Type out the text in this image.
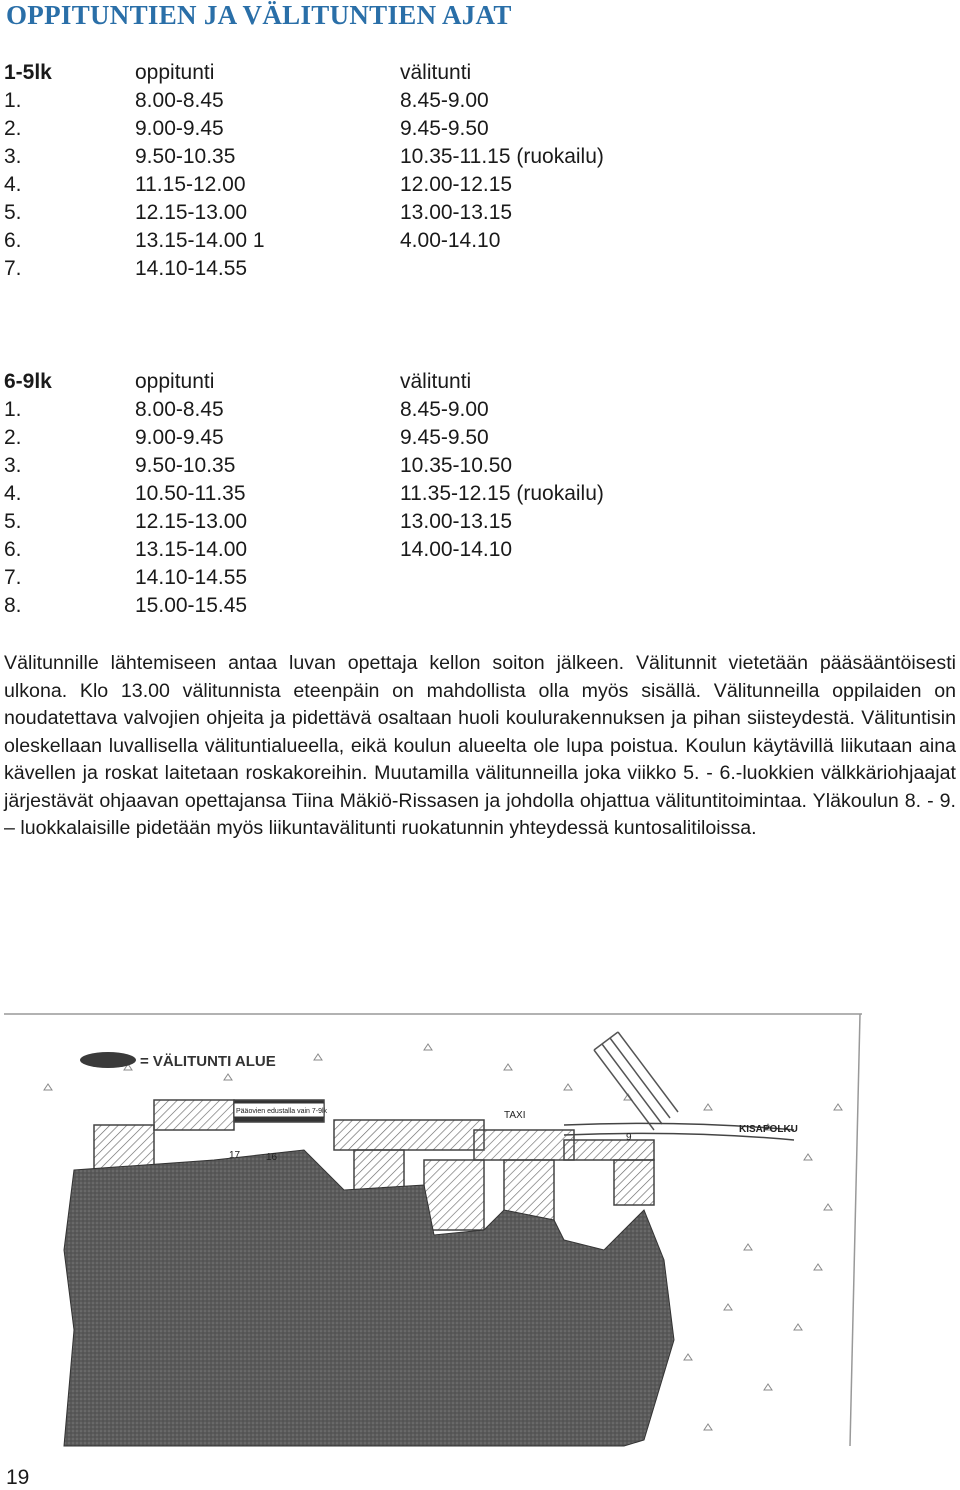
OPPITUNTIEN JA VÄLITUNTIEN AJAT
1-5lk	oppitunti	välitunti
1.	8.00-8.45	8.45-9.00
2.	9.00-9.45	9.45-9.50
3.	9.50-10.35	10.35-11.15 (ruokailu)
4.	11.15-12.00	12.00-12.15
5.	12.15-13.00	13.00-13.15
6.	13.15-14.00 1	4.00-14.10
7.	14.10-14.55
6-9lk	oppitunti	välitunti
1.	8.00-8.45	8.45-9.00
2.	9.00-9.45	9.45-9.50
3.	9.50-10.35	10.35-10.50
4.	10.50-11.35	11.35-12.15 (ruokailu)
5.	12.15-13.00	13.00-13.15
6.	13.15-14.00	14.00-14.10
7.	14.10-14.55
8.	15.00-15.45

Välitunnille lähtemiseen antaa luvan opettaja kellon soiton jälkeen. Välitunnit vietetään pääsääntöisesti ulkona. Klo 13.00 välitunnista eteenpäin on mahdollista olla myös sisällä. Välitunneilla oppilaiden on noudatettava valvojien ohjeita ja pidettävä osaltaan huoli koulurakennuksen ja pihan siisteydestä. Välituntisin oleskellaan luvallisella välituntialueella, eikä koulun alueelta ole lupa poistua. Koulun käytävillä liikutaan aina kävellen ja roskat laitetaan roskakoreihin. Muutamilla välitunneilla joka viikko 5. - 6.-luokkien välkkäriohjaajat järjestävät ohjaavan opettajansa Tiina Mäkiö-Rissasen ja johdolla ohjattua välituntitoimintaa. Yläkoulun 8. - 9. – luokkalaisille pidetään myös liikuntavälitunti ruokatunnin yhteydessä kuntosalitiloissa.

= VÄLITUNTI ALUE
TAXI
KISAPOLKU
Pääovien edustalla vain 7-9lk
17	16
9
19
